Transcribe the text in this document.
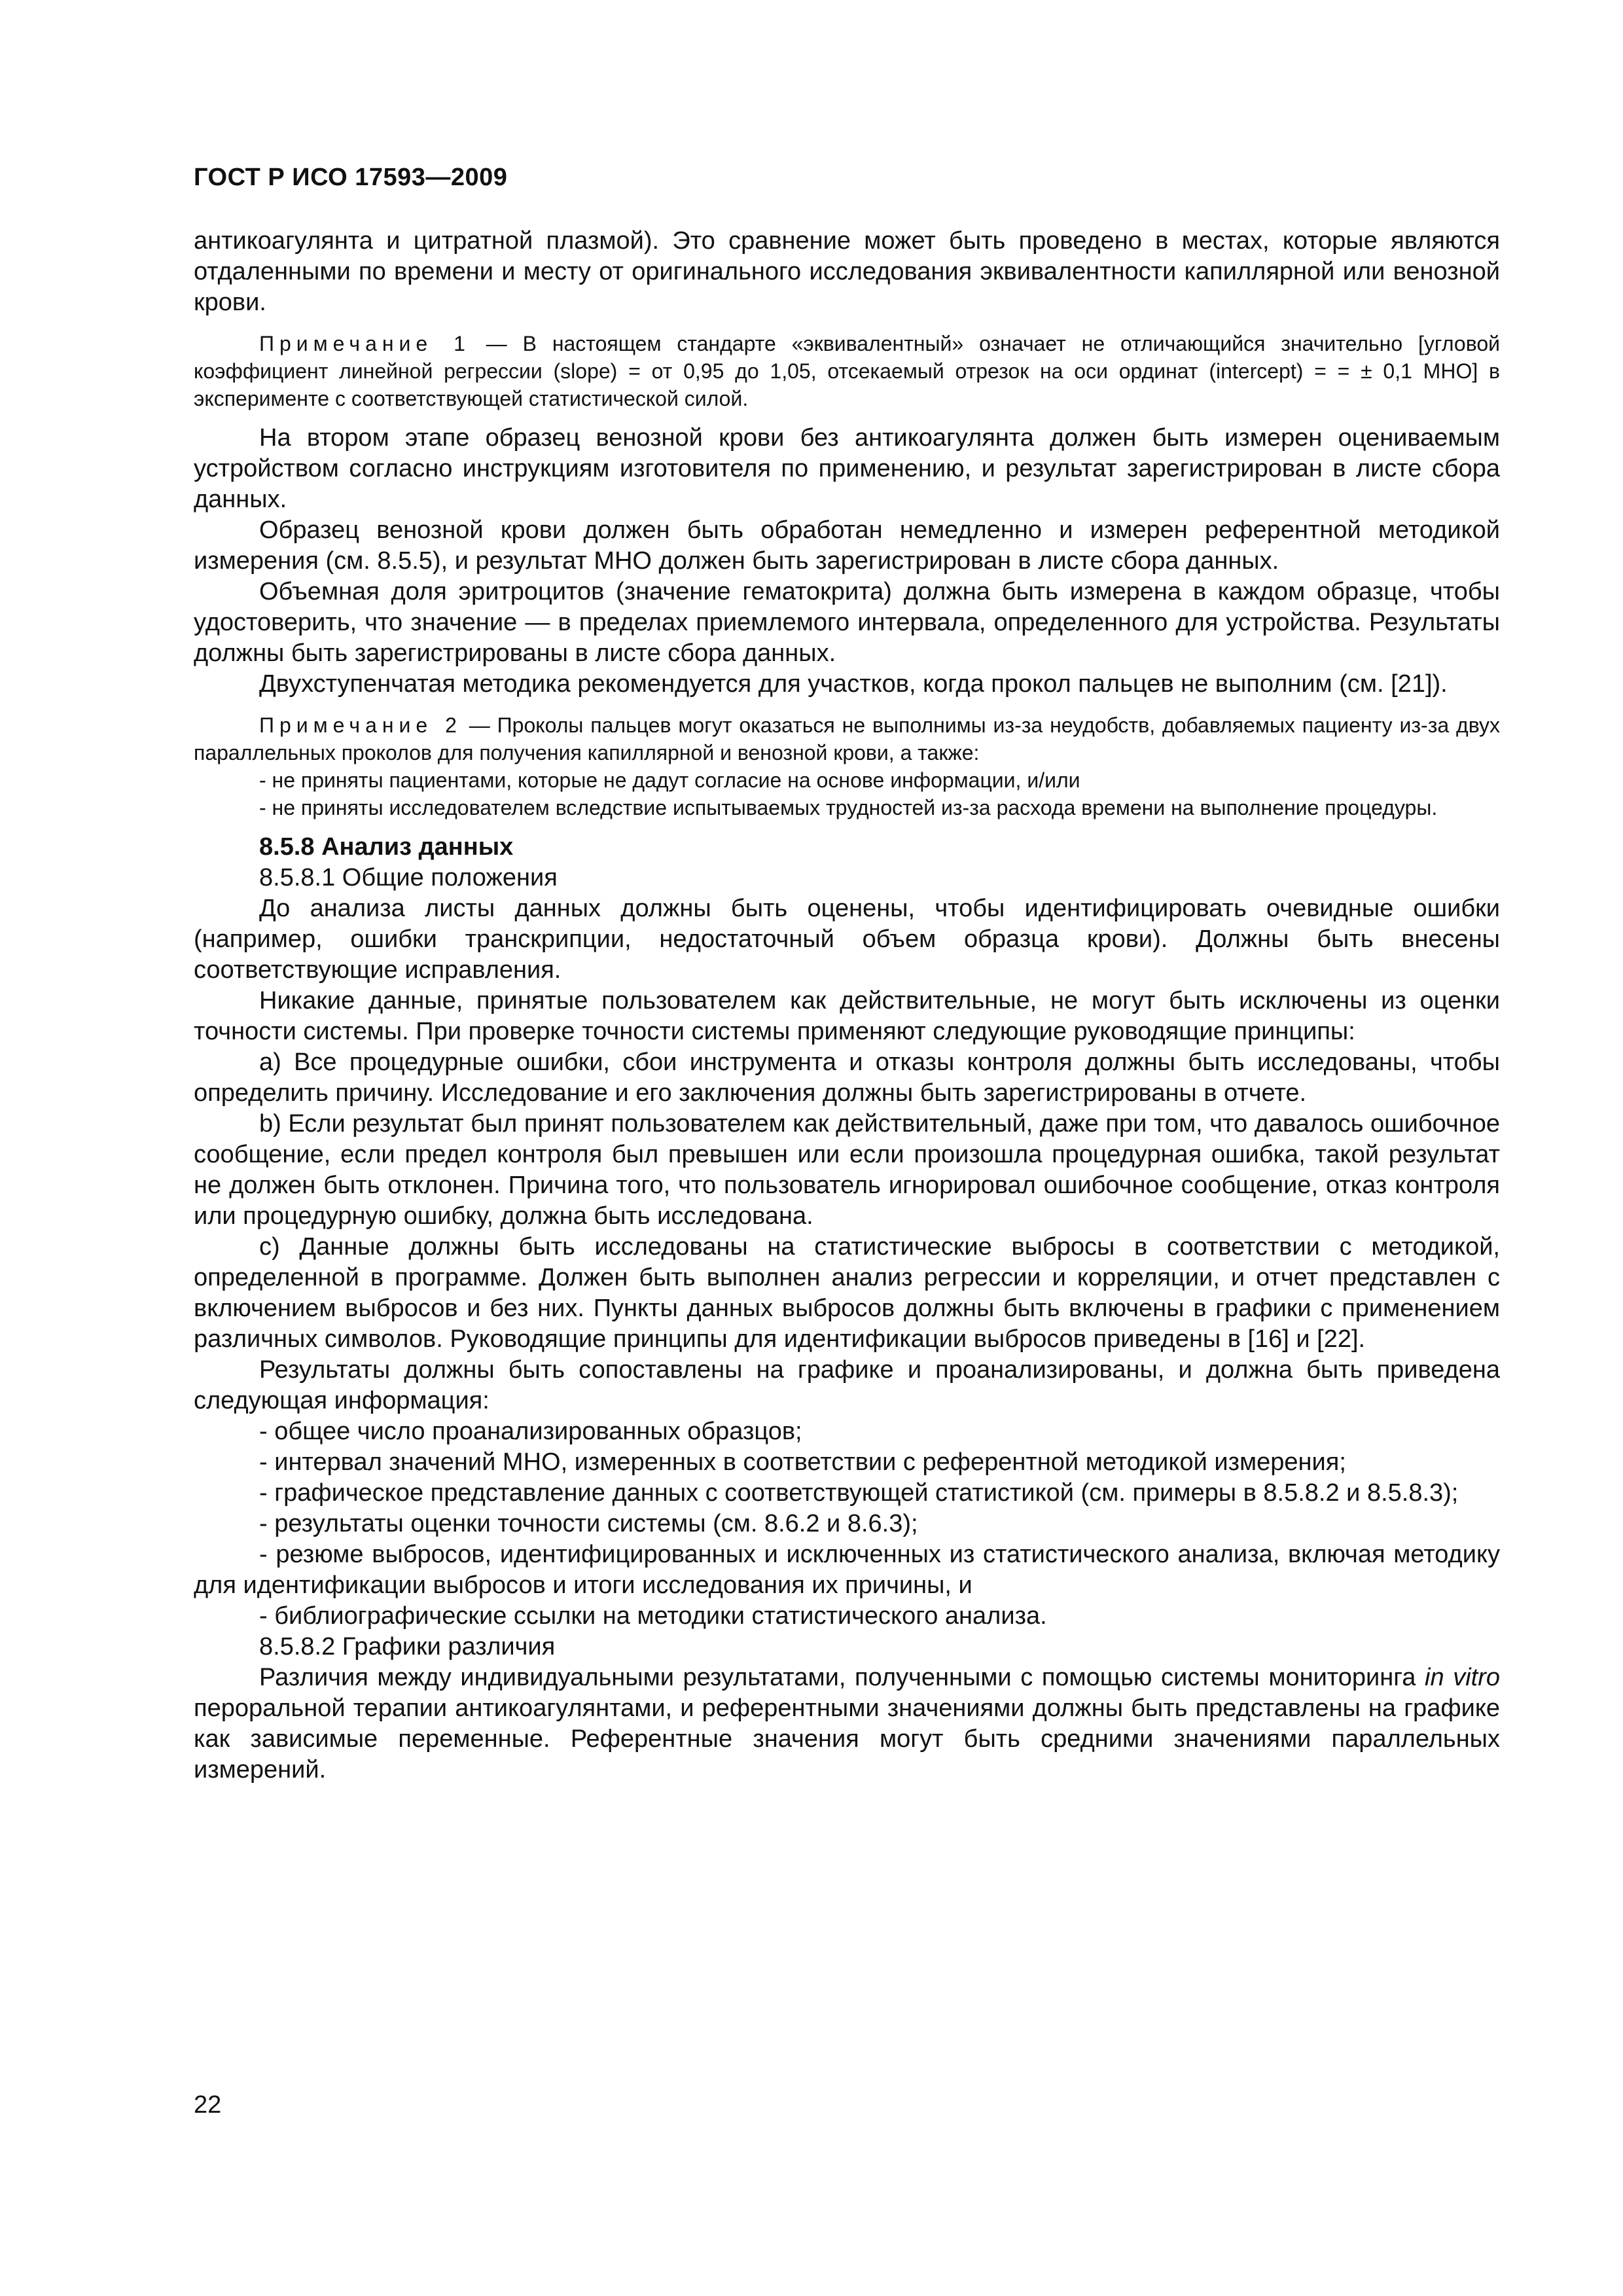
ГОСТ Р ИСО 17593—2009

антикоагулянта и цитратной плазмой). Это сравнение может быть проведено в местах, которые являются отдаленными по времени и месту от оригинального исследования эквивалентности капиллярной или венозной крови.

Примечание 1 — В настоящем стандарте «эквивалентный» означает не отличающийся значительно [угловой коэффициент линейной регрессии (slope) = от 0,95 до 1,05, отсекаемый отрезок на оси ординат (intercept) = = ± 0,1 МНО] в эксперименте с соответствующей статистической силой.

На втором этапе образец венозной крови без антикоагулянта должен быть измерен оцениваемым устройством согласно инструкциям изготовителя по применению, и результат зарегистрирован в листе сбора данных.

Образец венозной крови должен быть обработан немедленно и измерен референтной методикой измерения (см. 8.5.5), и результат МНО должен быть зарегистрирован в листе сбора данных.

Объемная доля эритроцитов (значение гематокрита) должна быть измерена в каждом образце, чтобы удостоверить, что значение — в пределах приемлемого интервала, определенного для устройства. Результаты должны быть зарегистрированы в листе сбора данных.

Двухступенчатая методика рекомендуется для участков, когда прокол пальцев не выполним (см. [21]).

Примечание 2 — Проколы пальцев могут оказаться не выполнимы из-за неудобств, добавляемых пациенту из-за двух параллельных проколов для получения капиллярной и венозной крови, а также:

- не приняты пациентами, которые не дадут согласие на основе информации, и/или

- не приняты исследователем вследствие испытываемых трудностей из-за расхода времени на выполнение процедуры.

8.5.8 Анализ данных

8.5.8.1 Общие положения

До анализа листы данных должны быть оценены, чтобы идентифицировать очевидные ошибки (например, ошибки транскрипции, недостаточный объем образца крови). Должны быть внесены соответствующие исправления.

Никакие данные, принятые пользователем как действительные, не могут быть исключены из оценки точности системы. При проверке точности системы применяют следующие руководящие принципы:

а) Все процедурные ошибки, сбои инструмента и отказы контроля должны быть исследованы, чтобы определить причину. Исследование и его заключения должны быть зарегистрированы в отчете.

b) Если результат был принят пользователем как действительный, даже при том, что давалось ошибочное сообщение, если предел контроля был превышен или если произошла процедурная ошибка, такой результат не должен быть отклонен. Причина того, что пользователь игнорировал ошибочное сообщение, отказ контроля или процедурную ошибку, должна быть исследована.

с) Данные должны быть исследованы на статистические выбросы в соответствии с методикой, определенной в программе. Должен быть выполнен анализ регрессии и корреляции, и отчет представлен с включением выбросов и без них. Пункты данных выбросов должны быть включены в графики с применением различных символов. Руководящие принципы для идентификации выбросов приведены в [16] и [22].

Результаты должны быть сопоставлены на графике и проанализированы, и должна быть приведена следующая информация:

- общее число проанализированных образцов;

- интервал значений МНО, измеренных в соответствии с референтной методикой измерения;

- графическое представление данных с соответствующей статистикой (см. примеры в 8.5.8.2 и 8.5.8.3);

- результаты оценки точности системы (см. 8.6.2 и 8.6.3);

- резюме выбросов, идентифицированных и исключенных из статистического анализа, включая методику для идентификации выбросов и итоги исследования их причины, и

- библиографические ссылки на методики статистического анализа.

8.5.8.2 Графики различия

Различия между индивидуальными результатами, полученными с помощью системы мониторинга in vitro пероральной терапии антикоагулянтами, и референтными значениями должны быть представлены на графике как зависимые переменные. Референтные значения могут быть средними значениями параллельных измерений.

22
